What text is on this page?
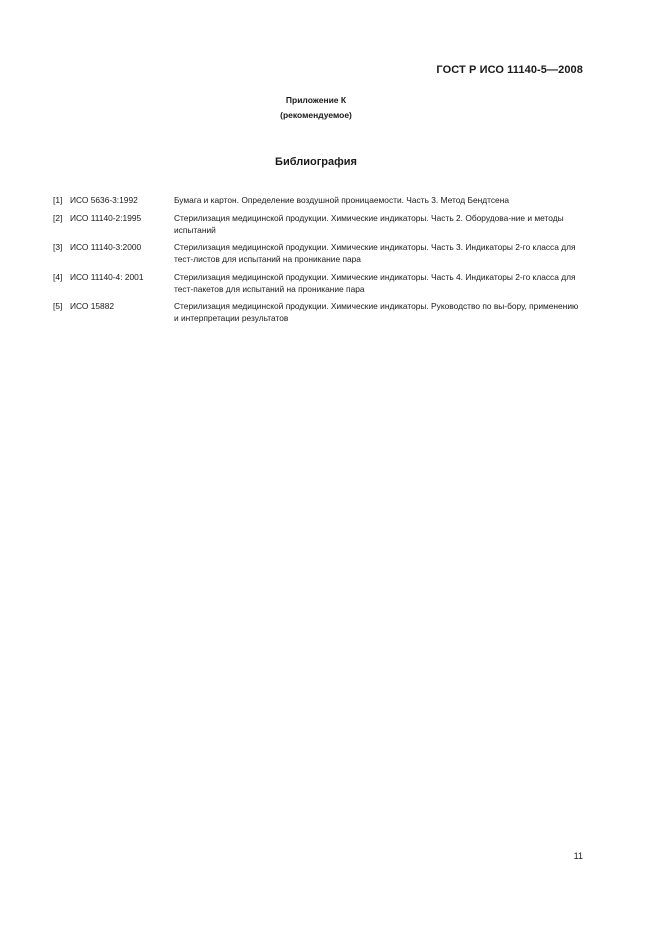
ГОСТ Р ИСО 11140-5—2008
Приложение К
(рекомендуемое)
Библиография
[1] ИСО 5636-3:1992	Бумага и картон. Определение воздушной проницаемости. Часть 3. Метод Бендтсена
[2] ИСО 11140-2:1995	Стерилизация медицинской продукции. Химические индикаторы. Часть 2. Оборудова-ние и методы испытаний
[3] ИСО 11140-3:2000	Стерилизация медицинской продукции. Химические индикаторы. Часть 3. Индикаторы 2-го класса для тест-листов для испытаний на проникание пара
[4] ИСО 11140-4: 2001	Стерилизация медицинской продукции. Химические индикаторы. Часть 4. Индикаторы 2-го класса для тест-пакетов для испытаний на проникание пара
[5] ИСО 15882	Стерилизация медицинской продукции. Химические индикаторы. Руководство по вы-бору, применению и интерпретации результатов
11
